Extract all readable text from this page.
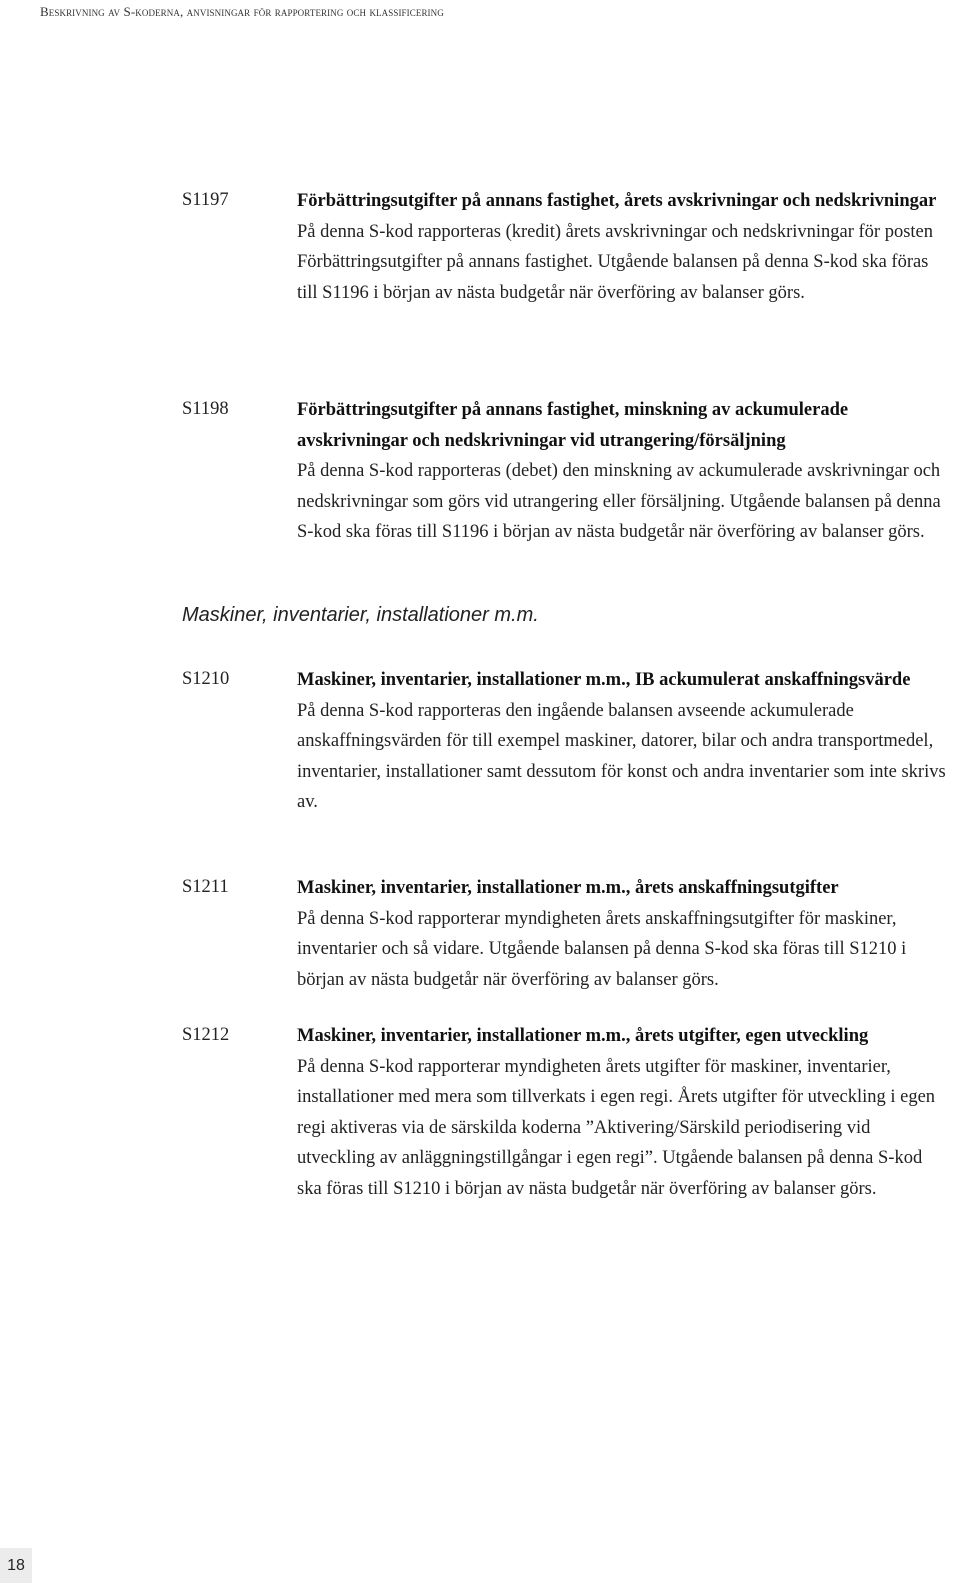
Beskrivning av S-koderna, anvisningar för rapportering och klassificering
S1197	Förbättringsutgifter på annans fastighet, årets avskrivningar och nedskrivningar
På denna S-kod rapporteras (kredit) årets avskrivningar och nedskrivningar för posten Förbättringsutgifter på annans fastighet. Utgående balansen på denna S-kod ska föras till S1196 i början av nästa budgetår när överföring av balanser görs.
S1198	Förbättringsutgifter på annans fastighet, minskning av ackumulerade avskrivningar och nedskrivningar vid utrangering/försäljning
På denna S-kod rapporteras (debet) den minskning av ackumulerade avskrivningar och nedskrivningar som görs vid utrangering eller försäljning. Utgående balansen på denna S-kod ska föras till S1196 i början av nästa budgetår när överföring av balanser görs.
Maskiner, inventarier, installationer m.m.
S1210	Maskiner, inventarier, installationer m.m., IB ackumulerat anskaffningsvärde
På denna S-kod rapporteras den ingående balansen avseende ackumulerade anskaffningsvärden för till exempel maskiner, datorer, bilar och andra transportmedel, inventarier, installationer samt dessutom för konst och andra inventarier som inte skrivs av.
S1211	Maskiner, inventarier, installationer m.m., årets anskaffningsutgifter
På denna S-kod rapporterar myndigheten årets anskaffningsutgifter för maskiner, inventarier och så vidare. Utgående balansen på denna S-kod ska föras till S1210 i början av nästa budgetår när överföring av balanser görs.
S1212	Maskiner, inventarier, installationer m.m., årets utgifter, egen utveckling
På denna S-kod rapporterar myndigheten årets utgifter för maskiner, inventarier, installationer med mera som tillverkats i egen regi. Årets utgifter för utveckling i egen regi aktiveras via de särskilda koderna ”Aktivering/Särskild periodisering vid utveckling av anläggningstillgångar i egen regi”. Utgående balansen på denna S-kod ska föras till S1210 i början av nästa budgetår när överföring av balanser görs.
18
